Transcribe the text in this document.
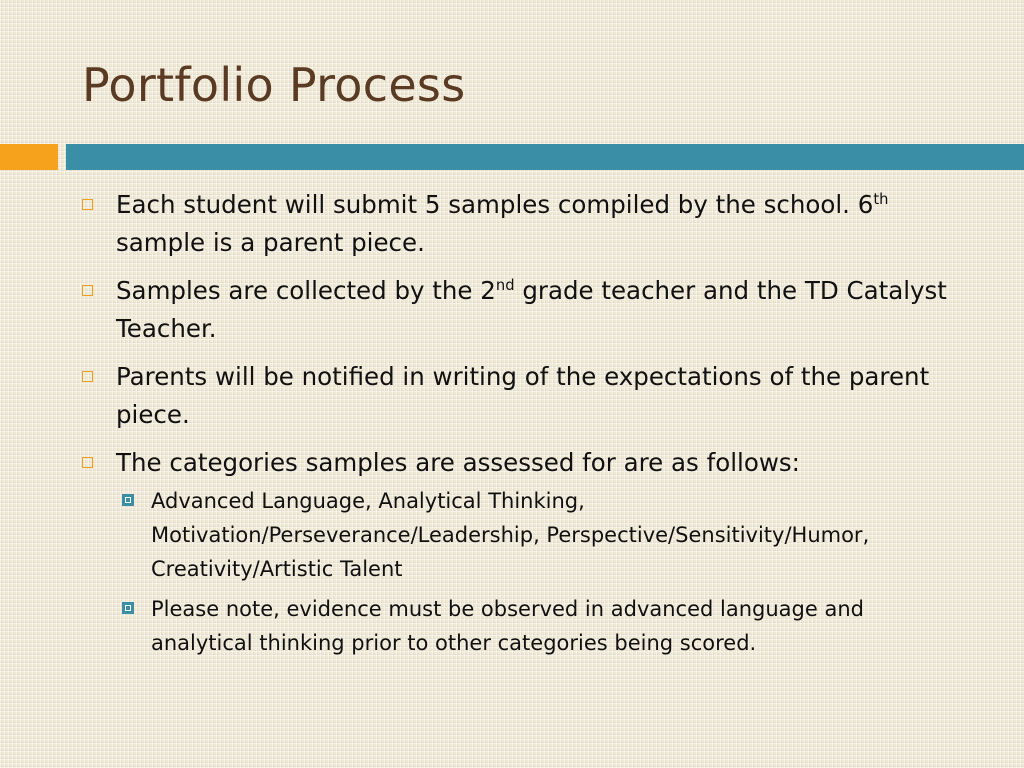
Portfolio Process
Each student will submit 5 samples compiled by the school. 6th sample is a parent piece.
Samples are collected by the 2nd grade teacher and the TD Catalyst Teacher.
Parents will be notified in writing of the expectations of the parent piece.
The categories samples are assessed for are as follows:
Advanced Language, Analytical Thinking, Motivation/Perseverance/Leadership, Perspective/Sensitivity/Humor, Creativity/Artistic Talent
Please note, evidence must be observed in advanced language and analytical thinking prior to other categories being scored.
